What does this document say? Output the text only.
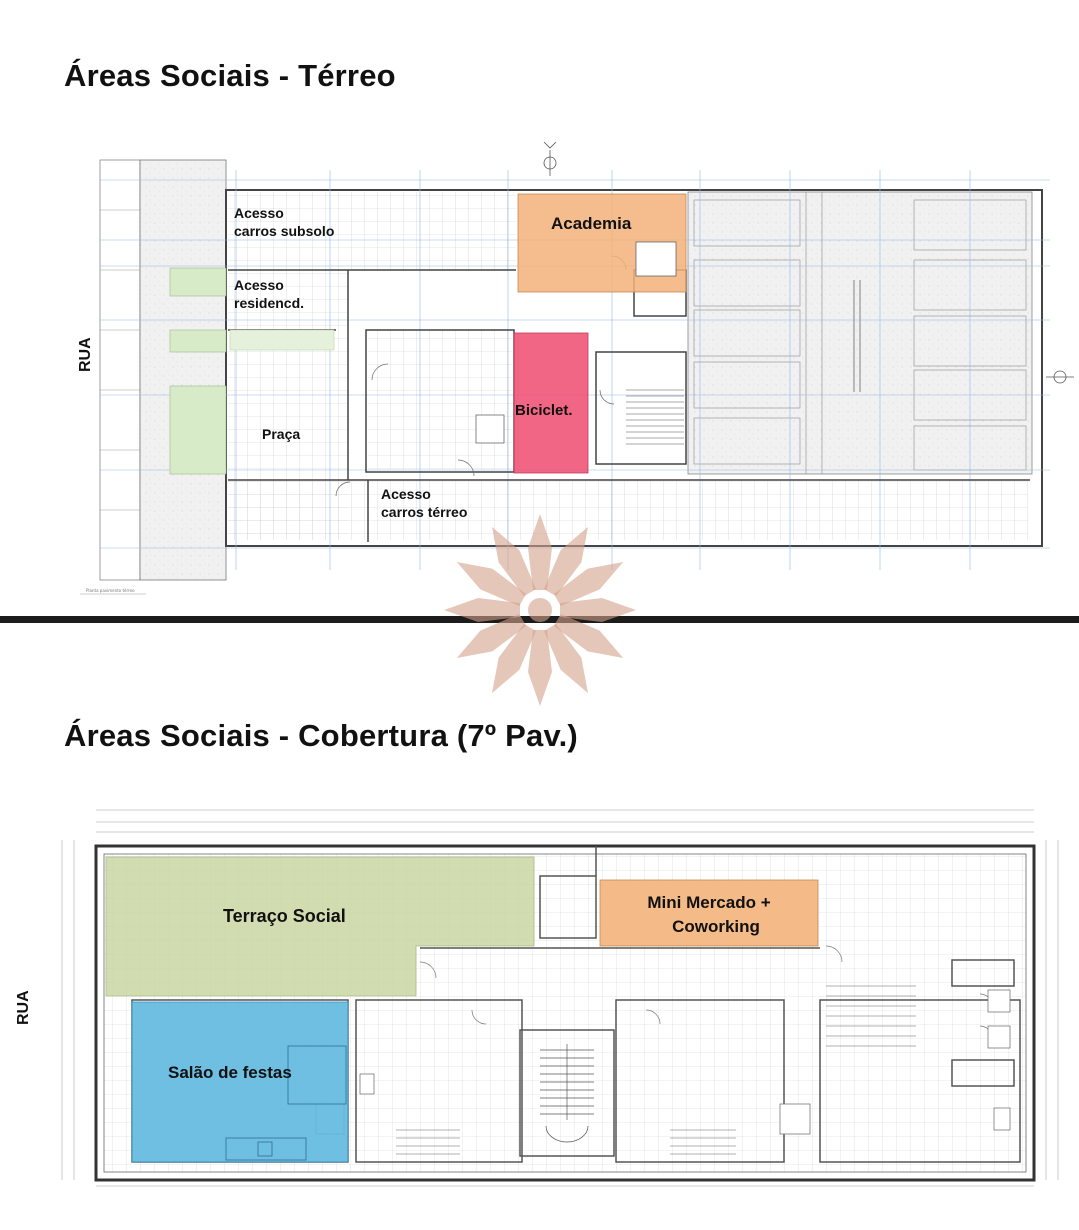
Áreas Sociais - Térreo
Acesso
carros subsolo	Academia
Acesso
residencd.
Biciclet.
Praça
Acesso
carros térreo
RUA
Planta pavimento térreo
Áreas Sociais - Cobertura (7º Pav.)
Terraço Social
Mini Mercado +
Coworking
Salão de festas
RUA
